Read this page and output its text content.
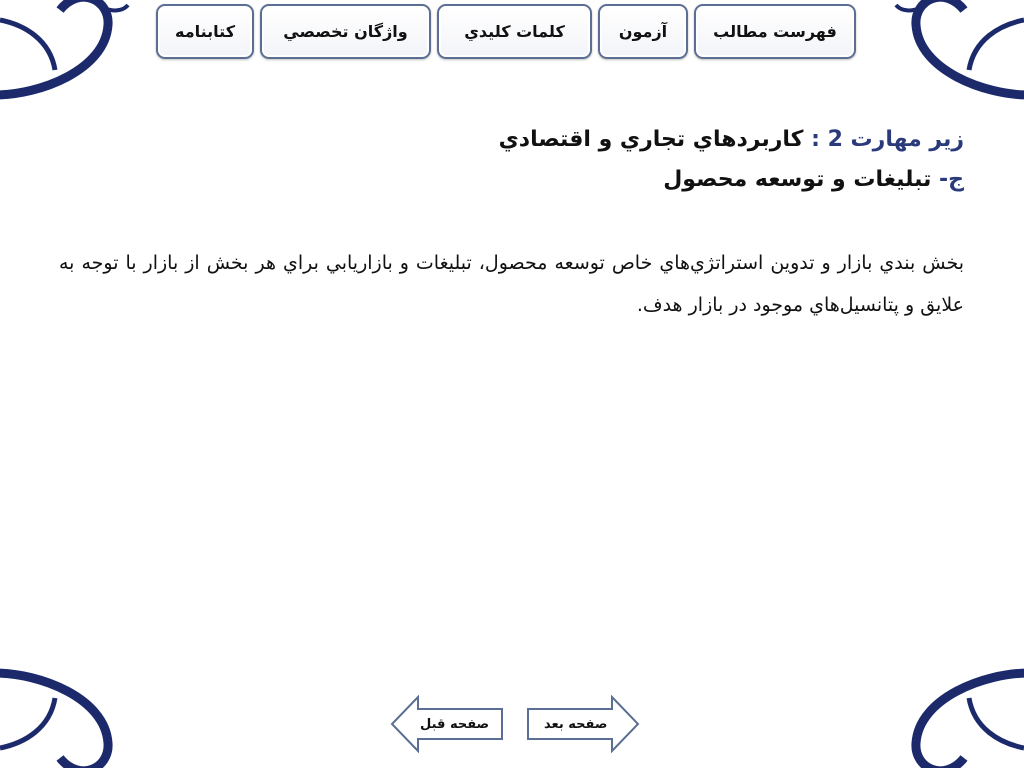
فهرست مطالب
آزمون
كلمات كليدي
واژگان تخصصي
كتابنامه
زير مهارت 2 : كاربردهاي تجاري و اقتصادي
ج- تبليغات و توسعه محصول

بخش بندي بازار و تدوين استراتژي‌هاي خاص توسعه محصول، تبليغات و بازاريابي براي هر بخش از بازار با توجه به علايق و پتانسيل‌هاي موجود در بازار هدف.

صفحه قبل	صفحه بعد
